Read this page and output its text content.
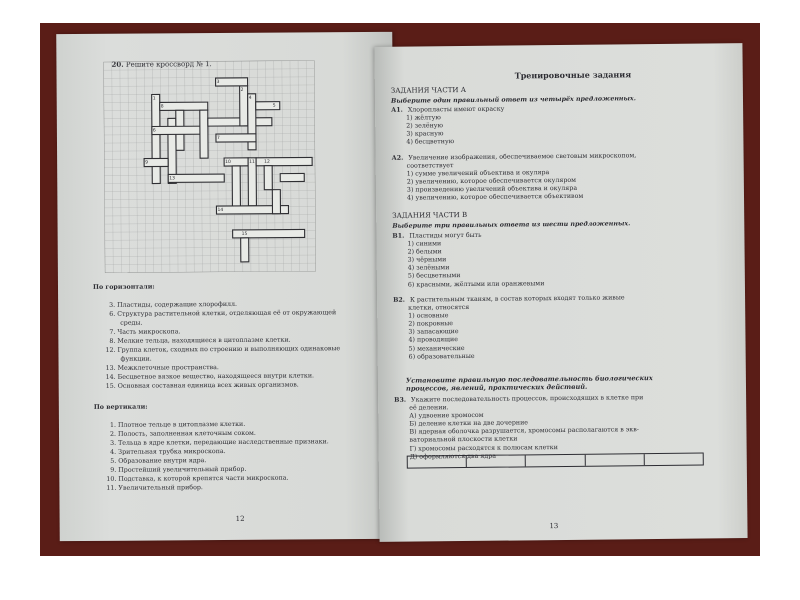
1
2
3
4
5
6
7
8
9	10	11 12
13
14
15
По горизонтали:
3. Пластиды, содержащие хлорофилл.
6. Структура растительной клетки, отделяющая её от окружающей
среды.
7. Часть микроскопа.
8. Мелкие тельца, находящиеся в цитоплазме клетки.
12. Группа клеток, сходных по строению и выполняющих одинаковые
функции.
13. Межклеточные пространства.
14. Бесцветное вязкое вещество, находящееся внутри клетки.
15. Основная составная единица всех живых организмов.
По вертикали:
1. Плотное тельце в цитоплазме клетки.
2. Полость, заполненная клеточным соком.
3. Тельца в ядре клетки, передающие наследственные признаки.
4. Зрительная трубка микроскопа.
5. Образование внутри ядра.
9. Простейший увеличительный прибор.
10. Подставка, к которой крепятся части микроскопа.
11. Увеличительный прибор.
12
Тренировочные задания
ЗАДАНИЯ ЧАСТИ А
Выберите один правильный ответ из четырёх предложенных.
А1. Хлоропласты имеют окраску
1) жёлтую
2) зелёную
3) красную
4) бесцветную
А2. Увеличение изображения, обеспечиваемое световым микроскопом,
соответствует
1) сумме увеличений объектива и окуляра
2) увеличению, которое обеспечивается окуляром
3) произведению увеличений объектива и окуляра
4) увеличению, которое обеспечивается объективом
ЗАДАНИЯ ЧАСТИ В
Выберите три правильных ответа из шести предложенных.
В1. Пластиды могут быть
1) синими
2) белыми
3) чёрными
4) зелёными
5) бесцветными
6) красными, жёлтыми или оранжевыми
В2. К растительным тканям, в состав которых входят только живые
клетки, относятся
1) основные
2) покровные
3) запасающие
4) проводящие
5) механические
6) образовательные
Установите правильную последовательность биологических
процессов, явлений, практических действий.
В3. Укажите последовательность процессов, происходящих в клетке при
её делении.
А) удвоение хромосом
Б) деление клетки на две дочерние
В) ядерная оболочка разрушается, хромосомы располагаются в экв-
ваториальной плоскости клетки
Г) хромосомы расходятся к полюсам клетки
Д) оформляются два ядра
13
